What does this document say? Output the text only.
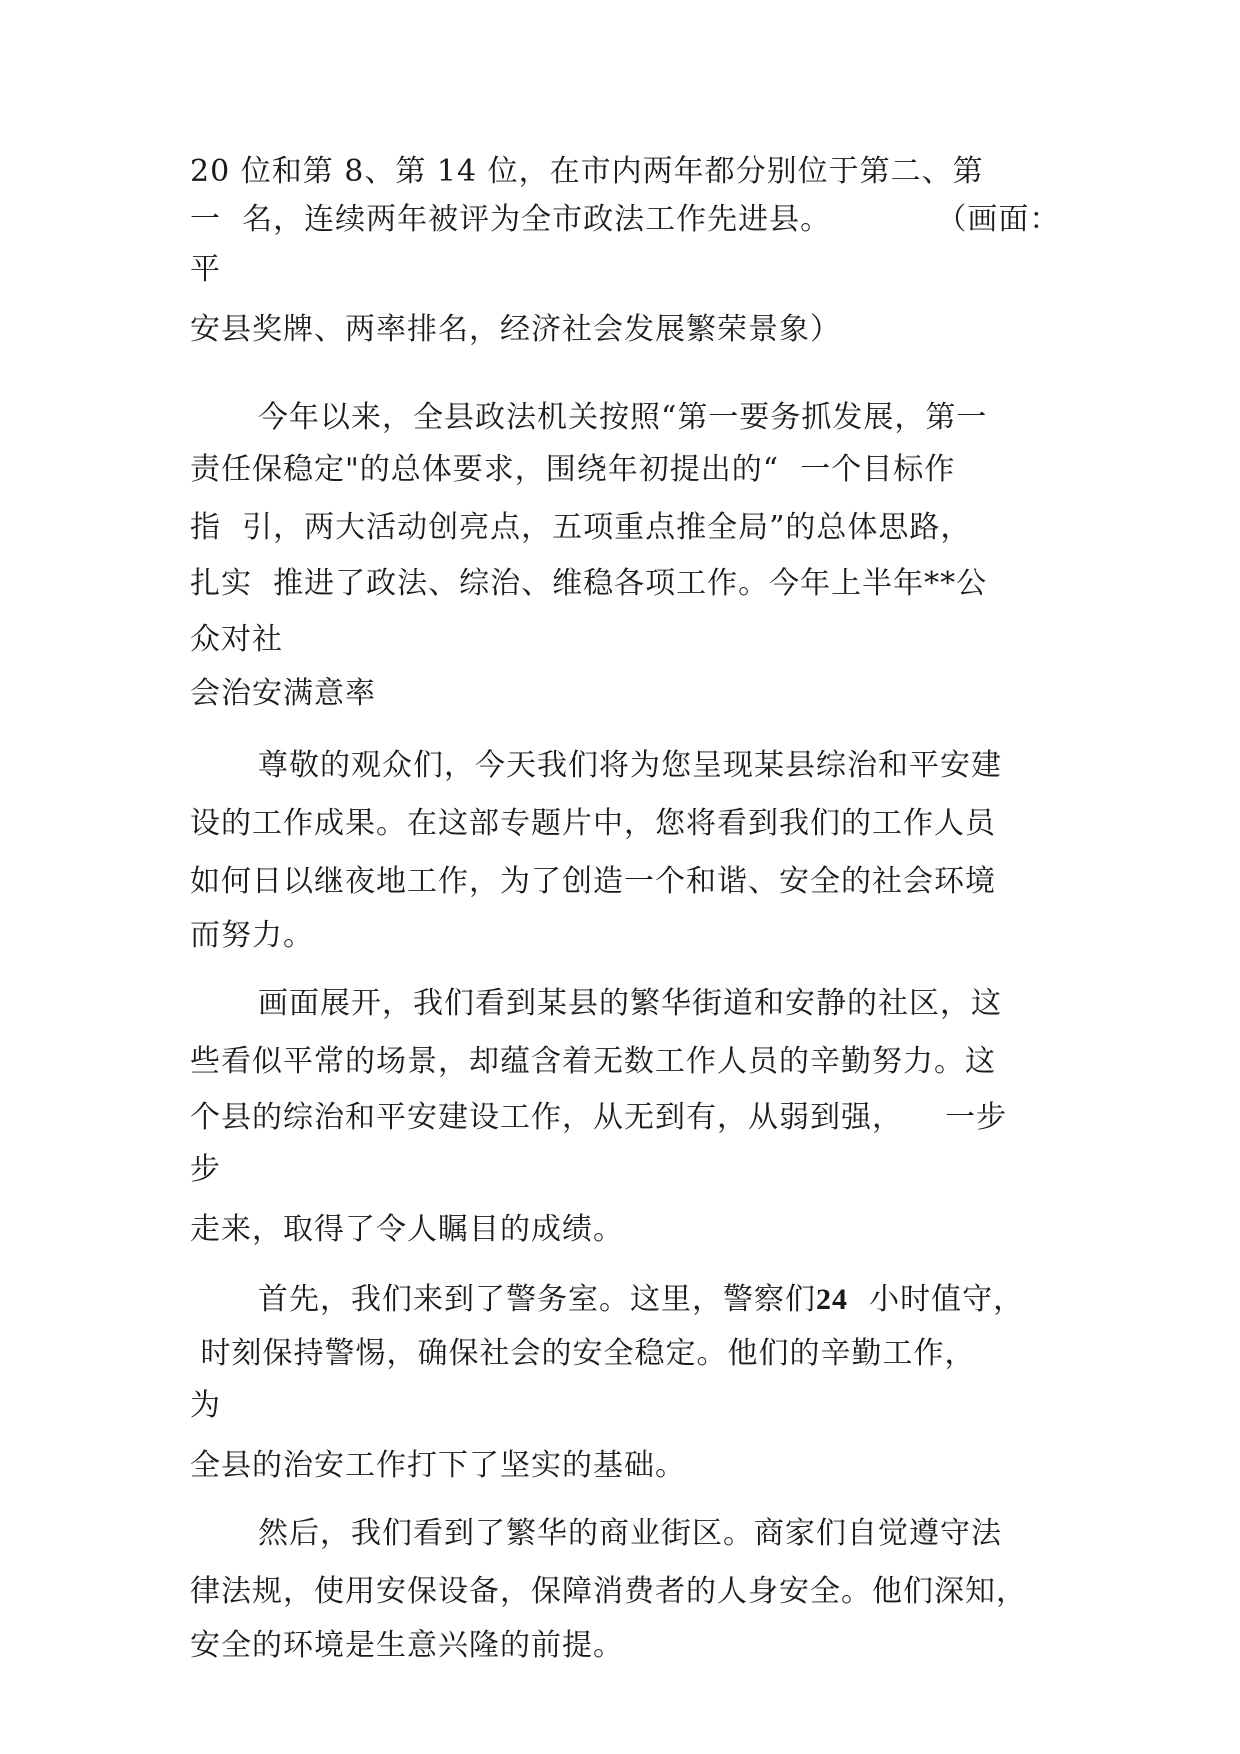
20 位和第 8、第 14 位，在市内两年都分别位于第二、第
一  名，连续两年被评为全市政法工作先进县。          （画面：
平
安县奖牌、两率排名，经济社会发展繁荣景象）
今年以来，全县政法机关按照“第一要务抓发展，第一
责任保稳定"的总体要求，围绕年初提出的“  一个目标作
指  引，两大活动创亮点，五项重点推全局”的总体思路，
扎实  推进了政法、综治、维稳各项工作。今年上半年**公
众对社
会治安满意率
尊敬的观众们，今天我们将为您呈现某县综治和平安建
设的工作成果。在这部专题片中，您将看到我们的工作人员
如何日以继夜地工作，为了创造一个和谐、安全的社会环境
而努力。
画面展开，我们看到某县的繁华街道和安静的社区，这
些看似平常的场景，却蕴含着无数工作人员的辛勤努力。这
个县的综治和平安建设工作，从无到有，从弱到强，    一步
步
走来，取得了令人瞩目的成绩。
首先，我们来到了警务室。这里，警察们24  小时值守，
时刻保持警惕，确保社会的安全稳定。他们的辛勤工作，
为
全县的治安工作打下了坚实的基础。
然后，我们看到了繁华的商业街区。商家们自觉遵守法
律法规，使用安保设备，保障消费者的人身安全。他们深知，
安全的环境是生意兴隆的前提。
